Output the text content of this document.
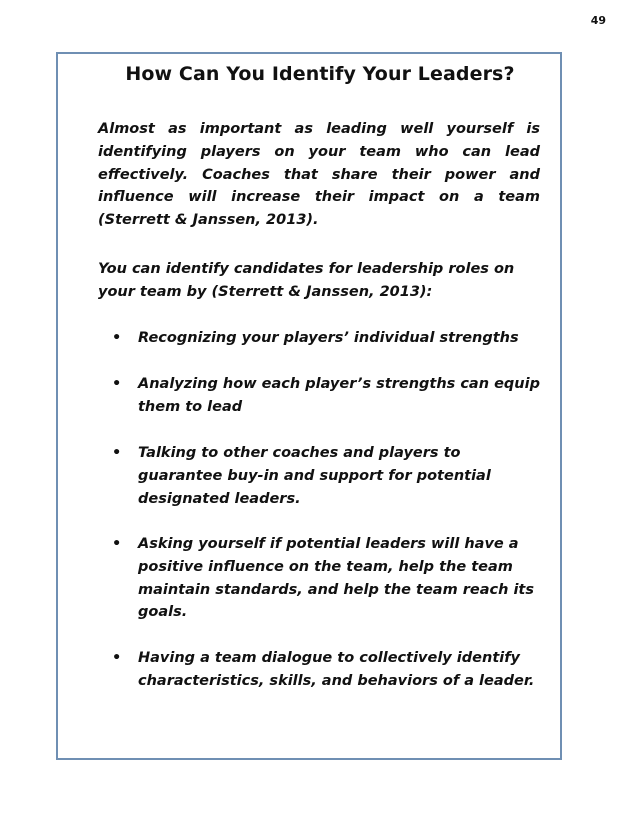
49
How Can You Identify Your Leaders?

Almost as important as leading well yourself is identifying players on your team who can lead effectively. Coaches that share their power and influence will increase their impact on a team (Sterrett & Janssen, 2013).

You can identify candidates for leadership roles on your team by (Sterrett & Janssen, 2013):

• Recognizing your players’ individual strengths
• Analyzing how each player’s strengths can equip them to lead
• Talking to other coaches and players to guarantee buy-in and support for potential designated leaders.
• Asking yourself if potential leaders will have a positive influence on the team, help the team maintain standards, and help the team reach its goals.
• Having a team dialogue to collectively identify characteristics, skills, and behaviors of a leader.
